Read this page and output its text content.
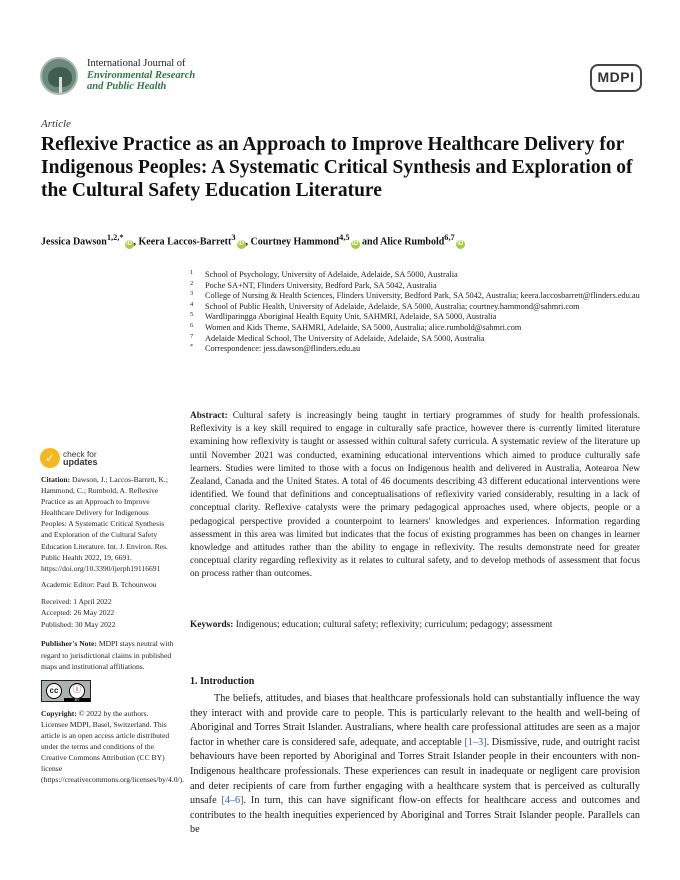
International Journal of
Environmental Research
and Public Health
MDPI
Article
Reflexive Practice as an Approach to Improve Healthcare Delivery for Indigenous Peoples: A Systematic Critical Synthesis and Exploration of the Cultural Safety Education Literature
Jessica Dawson$^{1,2,*}$iD , Keera Laccos-Barrett$^3$iD , Courtney Hammond$^{4,5}$iD and Alice Rumbold$^{6,7}$iD
1 School of Psychology, University of Adelaide, Adelaide, SA 5000, Australia
2 Poche SA+NT, Flinders University, Bedford Park, SA 5042, Australia
3 College of Nursing & Health Sciences, Flinders University, Bedford Park, SA 5042, Australia; keera.laccosbarrett@flinders.edu.au
4 School of Public Health, University of Adelaide, Adelaide, SA 5000, Australia; courtney.hammond@sahmri.com
5 Wardliparingga Aboriginal Health Equity Unit, SAHMRI, Adelaide, SA 5000, Australia
6 Women and Kids Theme, SAHMRI, Adelaide, SA 5000, Australia; alice.rumbold@sahmri.com
7 Adelaide Medical School, The University of Adelaide, Adelaide, SA 5000, Australia
* Correspondence: jess.dawson@flinders.edu.au
Abstract: Cultural safety is increasingly being taught in tertiary programmes of study for health professionals. Reflexivity is a key skill required to engage in culturally safe practice, however there is currently limited literature examining how reflexivity is taught or assessed within cultural safety curricula. A systematic review of the literature up until November 2021 was conducted, examining educational interventions which aimed to produce culturally safe learners. Studies were limited to those with a focus on Indigenous health and delivered in Australia, Aotearoa New Zealand, Canada and the United States. A total of 46 documents describing 43 different educational interventions were identified. We found that definitions and conceptualisations of reflexivity varied considerably, resulting in a lack of conceptual clarity. Reflexive catalysts were the primary pedagogical approaches used, where objects, people or a pedagogical perspective provided a counterpoint to learners' knowledges and experiences. Information regarding assessment in this area was limited but indicates that the focus of existing programmes has been on changes in learner knowledge and attitudes rather than the ability to engage in reflexivity. The results demonstrate need for greater conceptual clarity regarding reflexivity as it relates to cultural safety, and to develop methods of assessment that focus on process rather than outcomes.
Keywords: Indigenous; education; cultural safety; reflexivity; curriculum; pedagogy; assessment
1. Introduction
The beliefs, attitudes, and biases that healthcare professionals hold can substantially influence the way they interact with and provide care to people. This is particularly relevant to the health and well-being of Aboriginal and Torres Strait Islander. Australians, where health care professional attitudes are seen as a major factor in whether care is considered safe, adequate, and acceptable [1–3]. Dismissive, rude, and outright racist behaviours have been reported by Aboriginal and Torres Strait Islander people in their encounters with non-Indigenous healthcare professionals. These experiences can result in inadequate or negligent care provision and deter recipients of care from further engaging with a healthcare system that is perceived as culturally unsafe [4–6]. In turn, this can have significant flow-on effects for healthcare access and outcomes and contributes to the health inequities experienced by Aboriginal and Torres Strait Islander people. Parallels can be
✓ check for
updates

Citation: Dawson, J.; Laccos-Barrett, K.; Hammond, C.; Rumbold, A. Reflexive Practice as an Approach to Improve Healthcare Delivery for Indigenous Peoples: A Systematic Critical Synthesis and Exploration of the Cultural Safety Education Literature. Int. J. Environ. Res. Public Health 2022, 19, 6691. https://doi.org/10.3390/ijerph19116691

Academic Editor: Paul B. Tchounwou

Received: 1 April 2022
Accepted: 26 May 2022
Published: 30 May 2022

Publisher's Note: MDPI stays neutral with regard to jurisdictional claims in published maps and institutional affiliations.

cc	ⓘ
BY

Copyright: © 2022 by the authors. Licensee MDPI, Basel, Switzerland. This article is an open access article distributed under the terms and conditions of the Creative Commons Attribution (CC BY) license (https://creativecommons.org/licenses/by/4.0/).
